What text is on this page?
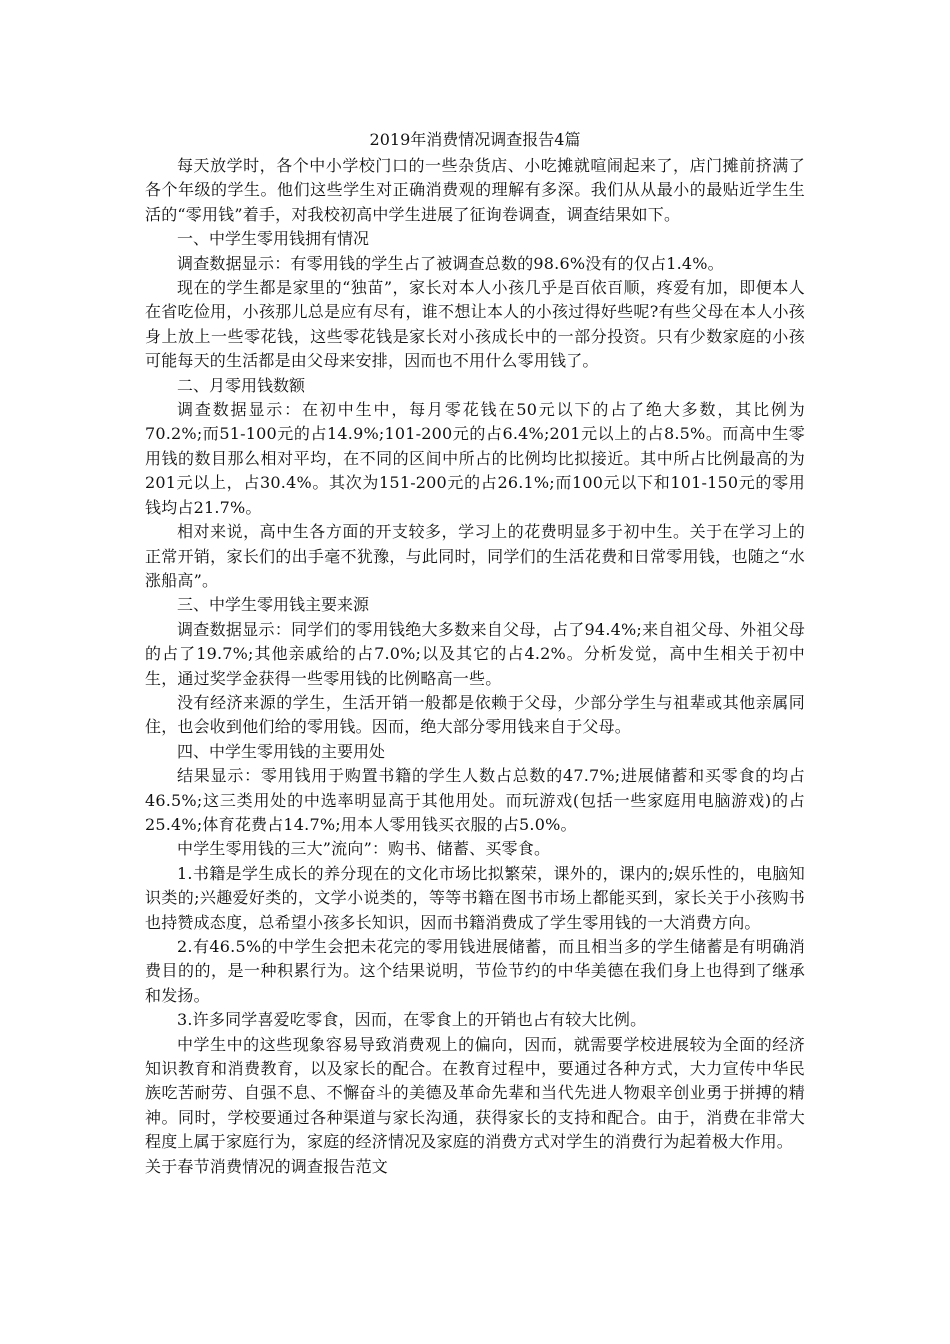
2019年消费情况调查报告4篇

每天放学时，各个中小学校门口的一些杂货店、小吃摊就喧闹起来了，店门摊前挤满了各个年级的学生。他们这些学生对正确消费观的理解有多深。我们从从最小的最贴近学生生活的“零用钱”着手，对我校初高中学生进展了征询卷调查，调查结果如下。

一、中学生零用钱拥有情况

调查数据显示：有零用钱的学生占了被调查总数的98.6%没有的仅占1.4%。

现在的学生都是家里的“独苗”，家长对本人小孩几乎是百依百顺，疼爱有加，即便本人在省吃俭用，小孩那儿总是应有尽有，谁不想让本人的小孩过得好些呢?有些父母在本人小孩身上放上一些零花钱，这些零花钱是家长对小孩成长中的一部分投资。只有少数家庭的小孩可能每天的生活都是由父母来安排，因而也不用什么零用钱了。

二、月零用钱数额

调查数据显示：在初中生中，每月零花钱在50元以下的占了绝大多数，其比例为70.2%;而51-100元的占14.9%;101-200元的占6.4%;201元以上的占8.5%。而高中生零用钱的数目那么相对平均，在不同的区间中所占的比例均比拟接近。其中所占比例最高的为201元以上，占30.4%。其次为151-200元的占26.1%;而100元以下和101-150元的零用钱均占21.7%。

相对来说，高中生各方面的开支较多，学习上的花费明显多于初中生。关于在学习上的正常开销，家长们的出手毫不犹豫，与此同时，同学们的生活花费和日常零用钱，也随之“水涨船高”。

三、中学生零用钱主要来源

调查数据显示：同学们的零用钱绝大多数来自父母，占了94.4%;来自祖父母、外祖父母的占了19.7%;其他亲戚给的占7.0%;以及其它的占4.2%。分析发觉，高中生相关于初中生，通过奖学金获得一些零用钱的比例略高一些。

没有经济来源的学生，生活开销一般都是依赖于父母，少部分学生与祖辈或其他亲属同住，也会收到他们给的零用钱。因而，绝大部分零用钱来自于父母。

四、中学生零用钱的主要用处

结果显示：零用钱用于购置书籍的学生人数占总数的47.7%;进展储蓄和买零食的均占46.5%;这三类用处的中选率明显高于其他用处。而玩游戏(包括一些家庭用电脑游戏)的占25.4%;体育花费占14.7%;用本人零用钱买衣服的占5.0%。

中学生零用钱的三大”流向”：购书、储蓄、买零食。

1.书籍是学生成长的养分现在的文化市场比拟繁荣，课外的，课内的;娱乐性的，电脑知识类的;兴趣爱好类的，文学小说类的，等等书籍在图书市场上都能买到，家长关于小孩购书也持赞成态度，总希望小孩多长知识，因而书籍消费成了学生零用钱的一大消费方向。

2.有46.5%的中学生会把未花完的零用钱进展储蓄，而且相当多的学生储蓄是有明确消费目的的，是一种积累行为。这个结果说明，节俭节约的中华美德在我们身上也得到了继承和发扬。

3.许多同学喜爱吃零食，因而，在零食上的开销也占有较大比例。

中学生中的这些现象容易导致消费观上的偏向，因而，就需要学校进展较为全面的经济知识教育和消费教育，以及家长的配合。在教育过程中，要通过各种方式，大力宣传中华民族吃苦耐劳、自强不息、不懈奋斗的美德及革命先辈和当代先进人物艰辛创业勇于拼搏的精神。同时，学校要通过各种渠道与家长沟通，获得家长的支持和配合。由于，消费在非常大程度上属于家庭行为，家庭的经济情况及家庭的消费方式对学生的消费行为起着极大作用。

关于春节消费情况的调查报告范文
